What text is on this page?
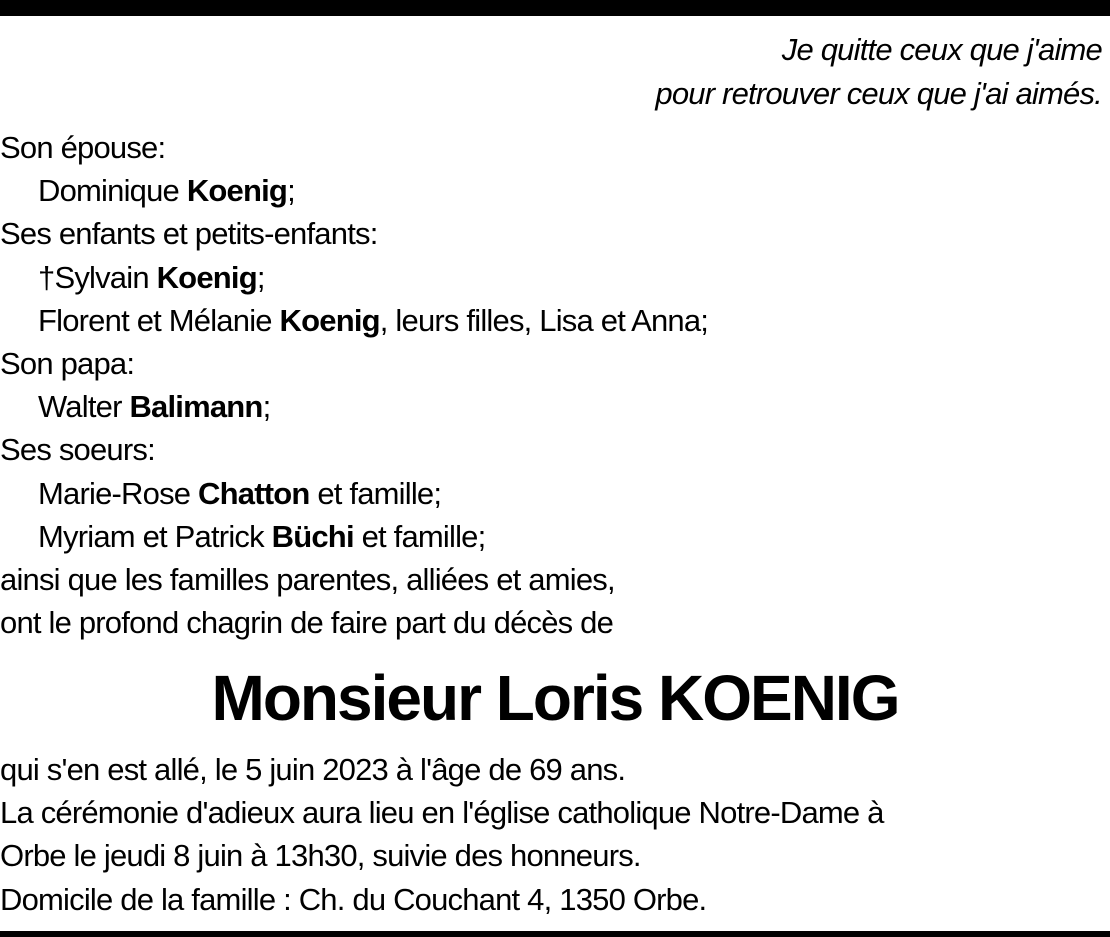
Je quitte ceux que j'aime
pour retrouver ceux que j'ai aimés.
Son épouse:
Dominique Koenig;
Ses enfants et petits-enfants:
†Sylvain Koenig;
Florent et Mélanie Koenig, leurs filles, Lisa et Anna;
Son papa:
Walter Balimann;
Ses soeurs:
Marie-Rose Chatton et famille;
Myriam et Patrick Büchi et famille;
ainsi que les familles parentes, alliées et amies,
ont le profond chagrin de faire part du décès de
Monsieur Loris KOENIG
qui s'en est allé, le 5 juin 2023 à l'âge de 69 ans.
La cérémonie d'adieux aura lieu en l'église catholique Notre-Dame à
Orbe le jeudi 8 juin à 13h30, suivie des honneurs.
Domicile de la famille : Ch. du Couchant 4, 1350 Orbe.
